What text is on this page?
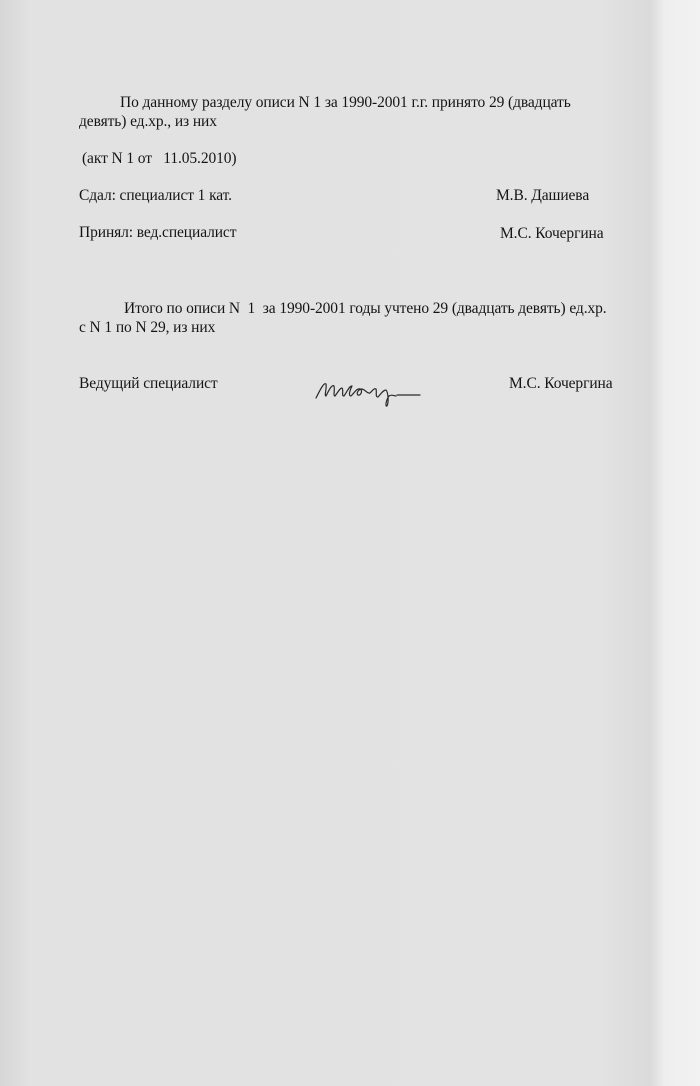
По данному разделу описи N 1 за 1990-2001 г.г. принято 29 (двадцать
девять) ед.хр., из них
(акт N 1 от   11.05.2010)
Сдал: специалист 1 кат.	М.В. Дашиева
Принял: вед.специалист	М.С. Кочергина
Итого по описи N  1  за 1990-2001 годы учтено 29 (двадцать девять) ед.хр.
с N 1 по N 29, из них
Ведущий специалист	М.С. Кочергина
